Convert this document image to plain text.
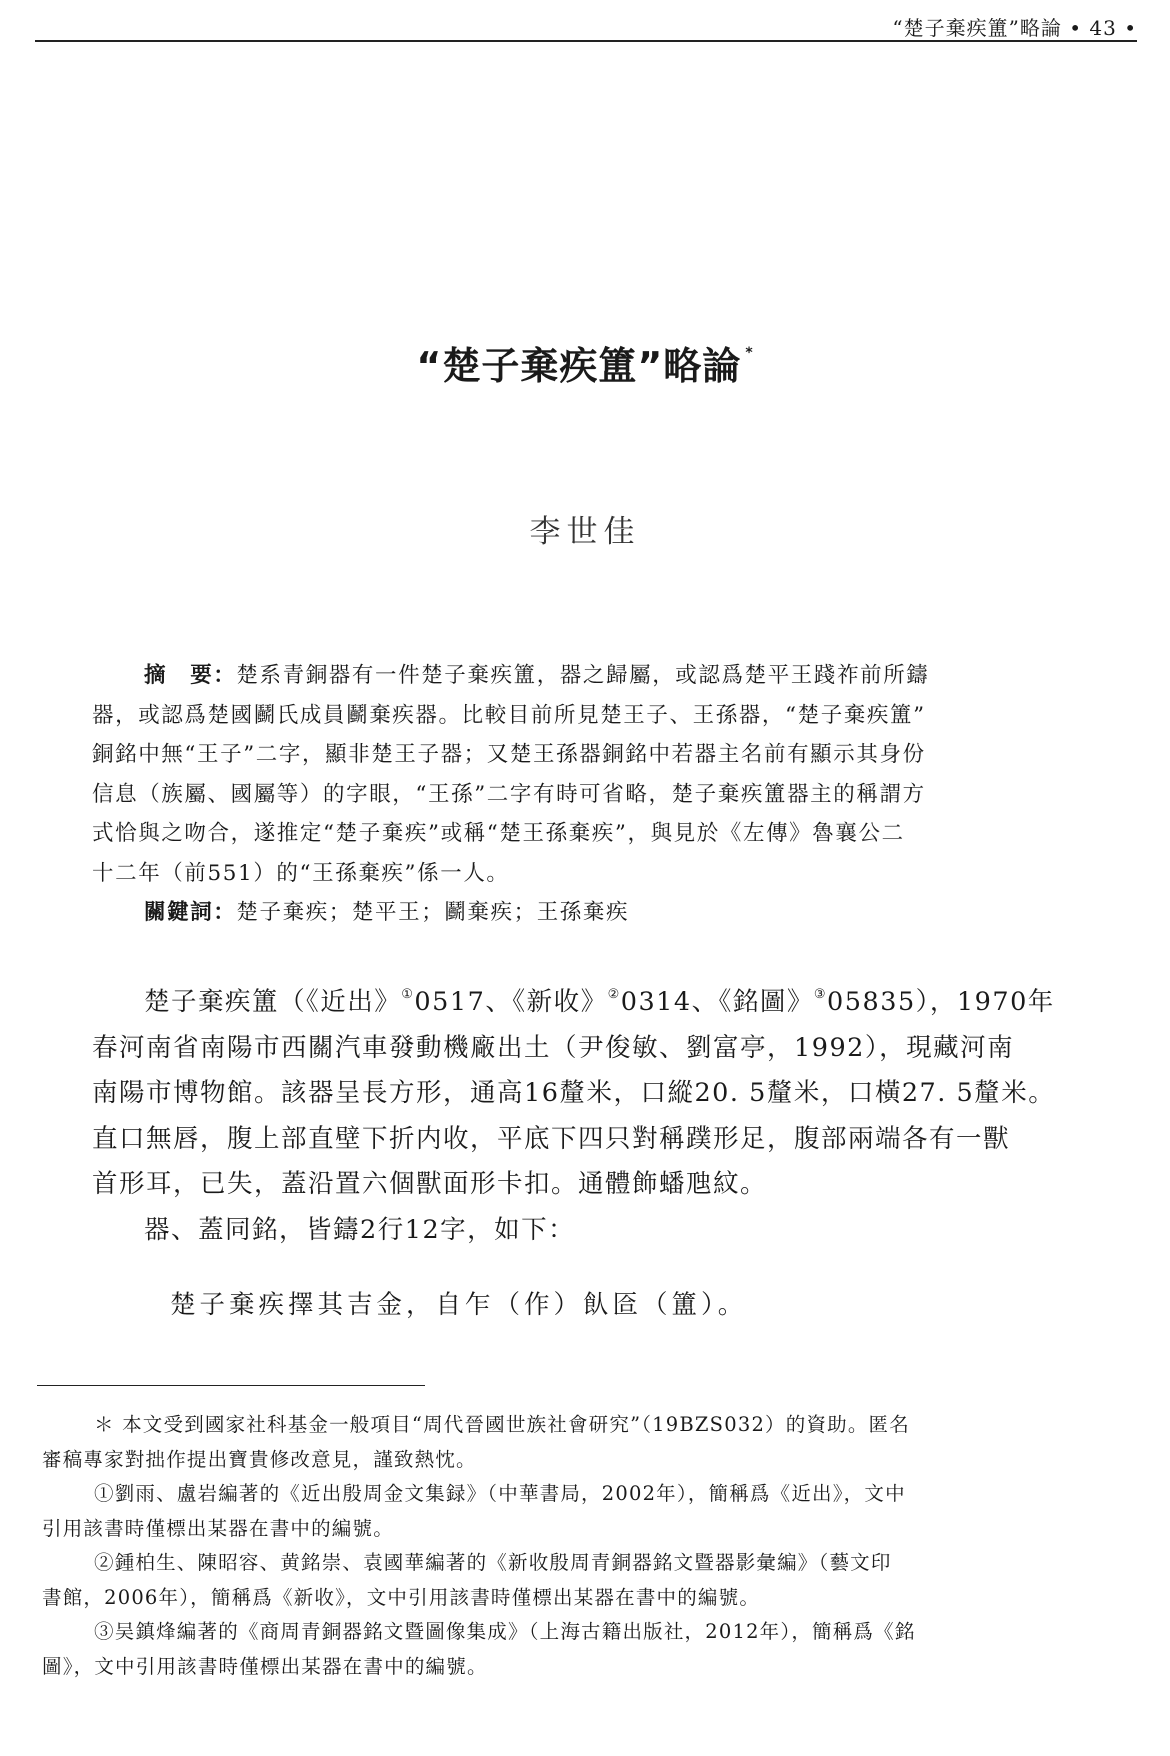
“楚子棄疾簠”略論 • 43 •
“楚子棄疾簠”略論 *
李世佳
摘　要：楚系青銅器有一件楚子棄疾簠，器之歸屬，或認爲楚平王踐祚前所鑄
器，或認爲楚國鬬氏成員鬬棄疾器。比較目前所見楚王子、王孫器，“楚子棄疾簠”
銅銘中無“王子”二字，顯非楚王子器；又楚王孫器銅銘中若器主名前有顯示其身份
信息（族屬、國屬等）的字眼，“王孫”二字有時可省略，楚子棄疾簠器主的稱謂方
式恰與之吻合，遂推定“楚子棄疾”或稱“楚王孫棄疾”，與見於《左傳》魯襄公二
十二年（前551）的“王孫棄疾”係一人。
關鍵詞：楚子棄疾；楚平王；鬬棄疾；王孫棄疾
楚子棄疾簠（《近出》①0517、《新收》②0314、《銘圖》③05835），1970年
春河南省南陽市西關汽車發動機廠出土（尹俊敏、劉富亭，1992），現藏河南
南陽市博物館。該器呈長方形，通高16釐米，口縱20. 5釐米，口橫27. 5釐米。
直口無唇，腹上部直壁下折内收，平底下四只對稱蹼形足，腹部兩端各有一獸
首形耳，已失，蓋沿置六個獸面形卡扣。通體飾蟠虺紋。
器、蓋同銘，皆鑄2行12字，如下：
楚子棄疾擇其吉金，自乍（作）飤匼（簠）。
＊ 本文受到國家社科基金一般項目“周代晉國世族社會研究”（19BZS032）的資助。匿名
審稿專家對拙作提出寶貴修改意見，謹致熱忱。
①劉雨、盧岩編著的《近出殷周金文集録》（中華書局，2002年），簡稱爲《近出》，文中
引用該書時僅標出某器在書中的編號。
②鍾柏生、陳昭容、黄銘崇、袁國華編著的《新收殷周青銅器銘文暨器影彙編》（藝文印
書館，2006年），簡稱爲《新收》，文中引用該書時僅標出某器在書中的編號。
③吴鎮烽編著的《商周青銅器銘文暨圖像集成》（上海古籍出版社，2012年），簡稱爲《銘
圖》，文中引用該書時僅標出某器在書中的編號。
